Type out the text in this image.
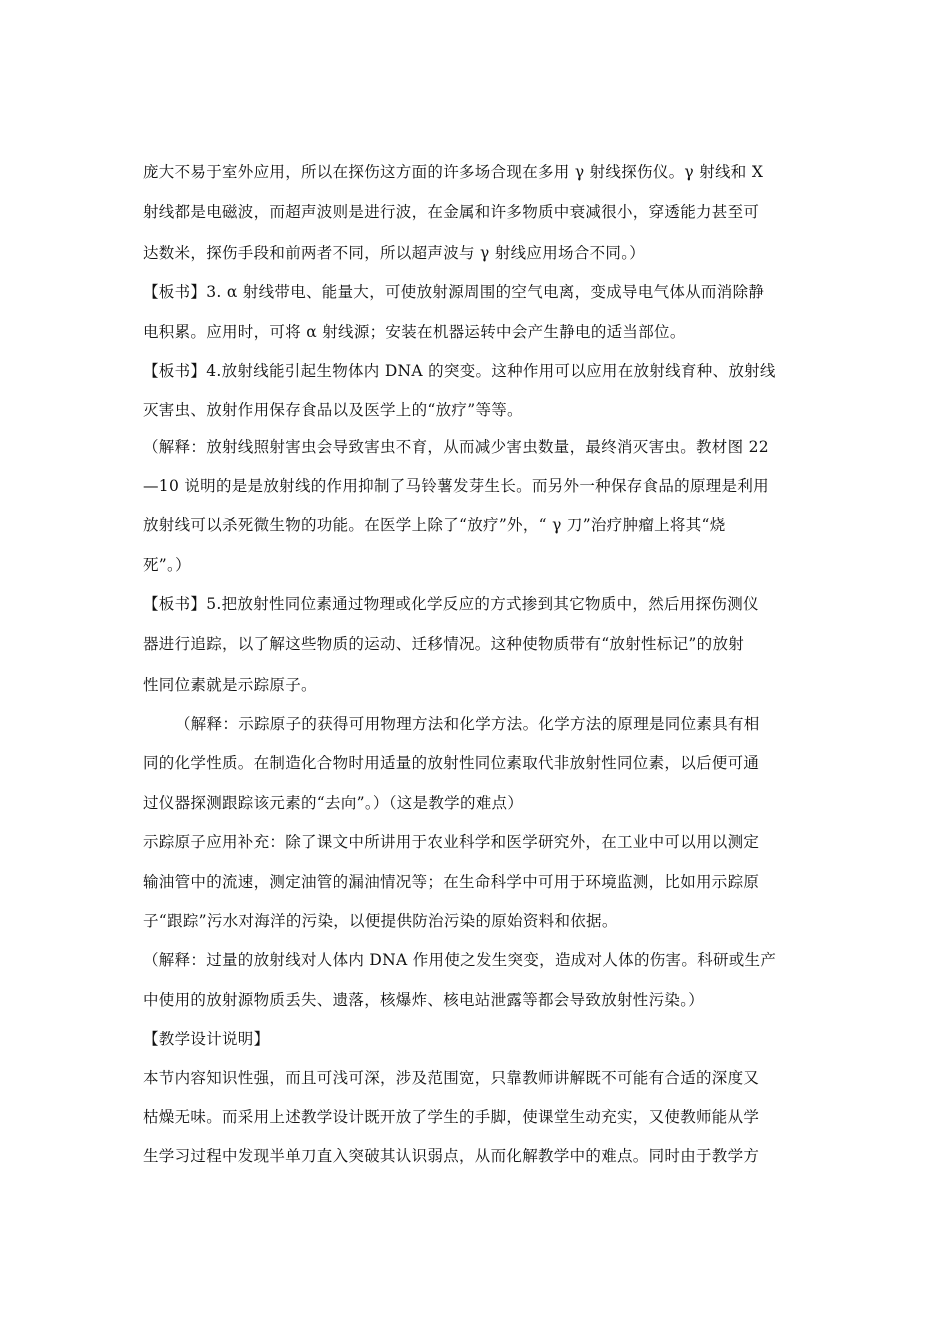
庞大不易于室外应用，所以在探伤这方面的许多场合现在多用 γ 射线探伤仪。γ 射线和 X
射线都是电磁波，而超声波则是进行波，在金属和许多物质中衰减很小，穿透能力甚至可
达数米，探伤手段和前两者不同，所以超声波与 γ 射线应用场合不同。）
【板书】3. α 射线带电、能量大，可使放射源周围的空气电离，变成导电气体从而消除静
电积累。应用时，可将 α 射线源；安装在机器运转中会产生静电的适当部位。
【板书】4.放射线能引起生物体内 DNA 的突变。这种作用可以应用在放射线育种、放射线
灭害虫、放射作用保存食品以及医学上的“放疗”等等。
（解释：放射线照射害虫会导致害虫不育，从而减少害虫数量，最终消灭害虫。教材图 22
—10 说明的是是放射线的作用抑制了马铃薯发芽生长。而另外一种保存食品的原理是利用
放射线可以杀死微生物的功能。在医学上除了“放疗”外，“ γ 刀”治疗肿瘤上将其“烧
死”。）
【板书】5.把放射性同位素通过物理或化学反应的方式掺到其它物质中，然后用探伤测仪
器进行追踪，以了解这些物质的运动、迁移情况。这种使物质带有“放射性标记”的放射
性同位素就是示踪原子。
（解释：示踪原子的获得可用物理方法和化学方法。化学方法的原理是同位素具有相
同的化学性质。在制造化合物时用适量的放射性同位素取代非放射性同位素，以后便可通
过仪器探测跟踪该元素的“去向”。）（这是教学的难点）
示踪原子应用补充：除了课文中所讲用于农业科学和医学研究外，在工业中可以用以测定
输油管中的流速，测定油管的漏油情况等；在生命科学中可用于环境监测，比如用示踪原
子“跟踪”污水对海洋的污染，以便提供防治污染的原始资料和依据。
（解释：过量的放射线对人体内 DNA 作用使之发生突变，造成对人体的伤害。科研或生产
中使用的放射源物质丢失、遗落，核爆炸、核电站泄露等都会导致放射性污染。）
【教学设计说明】
本节内容知识性强，而且可浅可深，涉及范围宽，只靠教师讲解既不可能有合适的深度又
枯燥无味。而采用上述教学设计既开放了学生的手脚，使课堂生动充实，又使教师能从学
生学习过程中发现半单刀直入突破其认识弱点，从而化解教学中的难点。同时由于教学方
